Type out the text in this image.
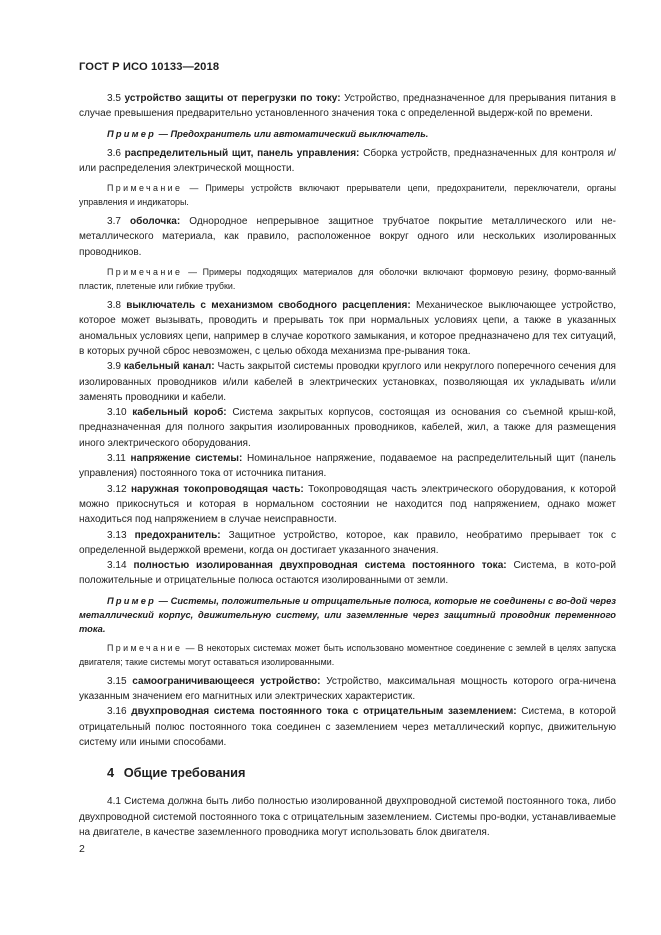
ГОСТ Р ИСО 10133—2018

3.5 устройство защиты от перегрузки по току: Устройство, предназначенное для прерывания питания в случае превышения предварительно установленного значения тока с определенной выдерж-кой по времени.

Пример — Предохранитель или автоматический выключатель.

3.6 распределительный щит, панель управления: Сборка устройств, предназначенных для контроля и/или распределения электрической мощности.

Примечание — Примеры устройств включают прерыватели цепи, предохранители, переключатели, органы управления и индикаторы.

3.7 оболочка: Однородное непрерывное защитное трубчатое покрытие металлического или не-металлического материала, как правило, расположенное вокруг одного или нескольких изолированных проводников.

Примечание — Примеры подходящих материалов для оболочки включают формовую резину, формо-ванный пластик, плетеные или гибкие трубки.

3.8 выключатель с механизмом свободного расцепления: Механическое выключающее устройство, которое может вызывать, проводить и прерывать ток при нормальных условиях цепи, а также в указанных аномальных условиях цепи, например в случае короткого замыкания, и которое предназначено для тех ситуаций, в которых ручной сброс невозможен, с целью обхода механизма пре-рывания тока.

3.9 кабельный канал: Часть закрытой системы проводки круглого или некруглого поперечного сечения для изолированных проводников и/или кабелей в электрических установках, позволяющая их укладывать и/или заменять проводники и кабели.

3.10 кабельный короб: Система закрытых корпусов, состоящая из основания со съемной крыш-кой, предназначенная для полного закрытия изолированных проводников, кабелей, жил, а также для размещения иного электрического оборудования.

3.11 напряжение системы: Номинальное напряжение, подаваемое на распределительный щит (панель управления) постоянного тока от источника питания.

3.12 наружная токопроводящая часть: Токопроводящая часть электрического оборудования, к которой можно прикоснуться и которая в нормальном состоянии не находится под напряжением, однако может находиться под напряжением в случае неисправности.

3.13 предохранитель: Защитное устройство, которое, как правило, необратимо прерывает ток с определенной выдержкой времени, когда он достигает указанного значения.

3.14 полностью изолированная двухпроводная система постоянного тока: Система, в кото-рой положительные и отрицательные полюса остаются изолированными от земли.

Пример — Системы, положительные и отрицательные полюса, которые не соединены с во-дой через металлический корпус, движительную систему, или заземленные через защитный проводник переменного тока.

Примечание — В некоторых системах может быть использовано моментное соединение с землей в целях запуска двигателя; такие системы могут оставаться изолированными.

3.15 самоограничивающееся устройство: Устройство, максимальная мощность которого огра-ничена указанным значением его магнитных или электрических характеристик.

3.16 двухпроводная система постоянного тока с отрицательным заземлением: Система, в которой отрицательный полюс постоянного тока соединен с заземлением через металлический корпус, движительную систему или иными способами.

4 Общие требования

4.1 Система должна быть либо полностью изолированной двухпроводной системой постоянного тока, либо двухпроводной системой постоянного тока с отрицательным заземлением. Системы про-водки, устанавливаемые на двигателе, в качестве заземленного проводника могут использовать блок двигателя.

2
